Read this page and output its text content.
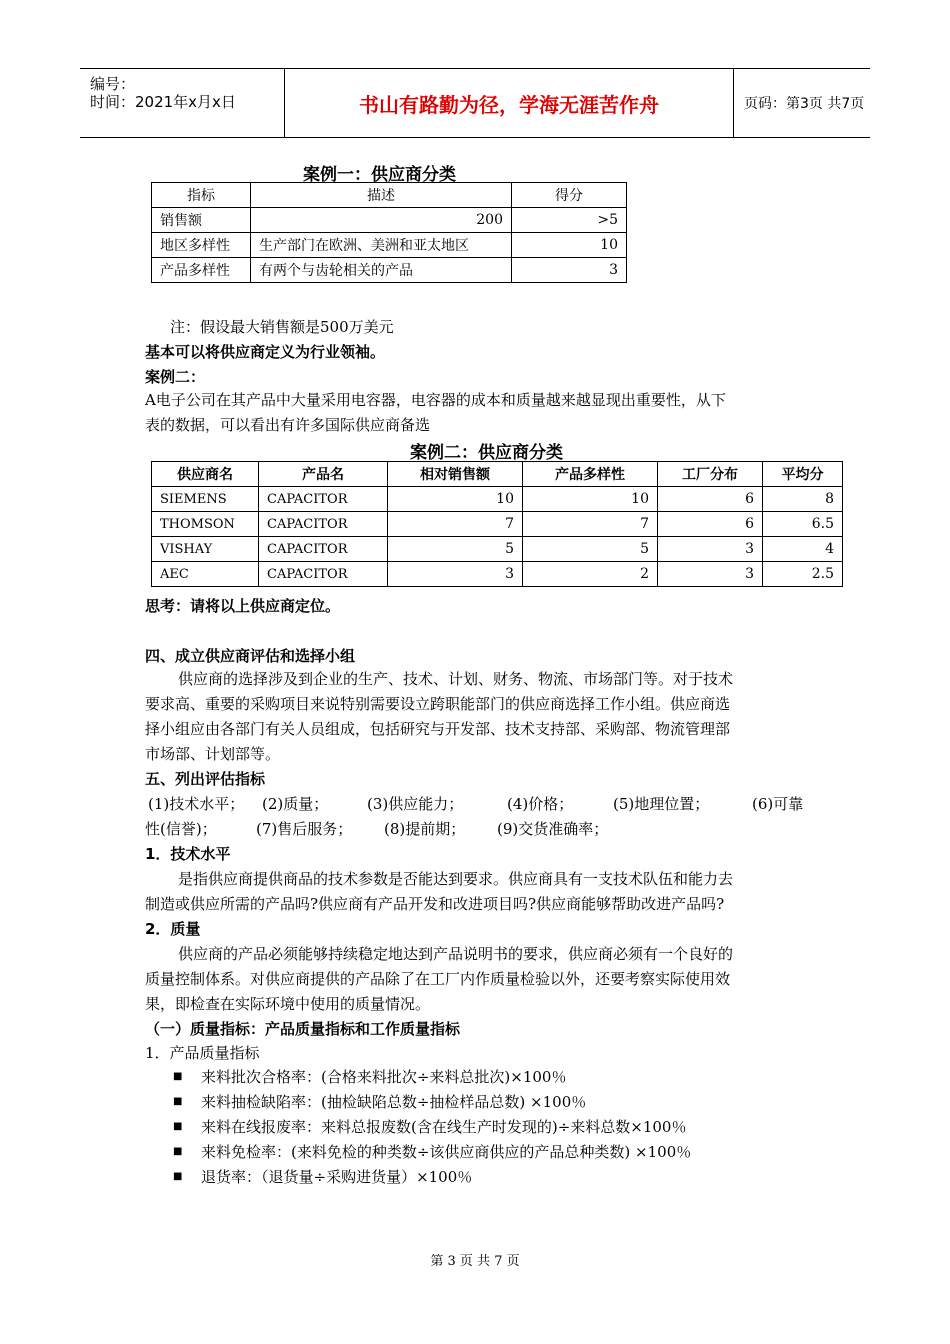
编号：
时间：2021年x月x日	书山有路勤为径，学海无涯苦作舟	页码：第3页 共7页
案例一：供应商分类
指标	描述	得分
销售额	200	>5
地区多样性	生产部门在欧洲、美洲和亚太地区	10
产品多样性	有两个与齿轮相关的产品	3
注：假设最大销售额是500万美元
基本可以将供应商定义为行业领袖。
案例二：
A电子公司在其产品中大量采用电容器，电容器的成本和质量越来越显现出重要性，从下
表的数据，可以看出有许多国际供应商备选
案例二：供应商分类
供应商名	产品名	相对销售额	产品多样性	工厂分布	平均分
SIEMENS	CAPACITOR	10	10	6	8
THOMSON	CAPACITOR	7	7	6	6.5
VISHAY	CAPACITOR	5	5	3	4
AEC	CAPACITOR	3	2	3	2.5
思考：请将以上供应商定位。
四、成立供应商评估和选择小组
供应商的选择涉及到企业的生产、技术、计划、财务、物流、市场部门等。对于技术
要求高、重要的采购项目来说特别需要设立跨职能部门的供应商选择工作小组。供应商选
择小组应由各部门有关人员组成，包括研究与开发部、技术支持部、采购部、物流管理部
市场部、计划部等。
五、列出评估指标
(1)技术水平； (2)质量；	(3)供应能力；	(4)价格；	(5)地理位置；	(6)可靠
性(信誉)；	(7)售后服务； (8)提前期； (9)交货准确率；
1．技术水平
是指供应商提供商品的技术参数是否能达到要求。供应商具有一支技术队伍和能力去
制造或供应所需的产品吗?供应商有产品开发和改进项目吗?供应商能够帮助改进产品吗?
2．质量
供应商的产品必须能够持续稳定地达到产品说明书的要求，供应商必须有一个良好的
质量控制体系。对供应商提供的产品除了在工厂内作质量检验以外，还要考察实际使用效
果，即检查在实际环境中使用的质量情况。
（一）质量指标：产品质量指标和工作质量指标
1．产品质量指标
■ 来料批次合格率：(合格来料批次÷来料总批次)×100％
■ 来料抽检缺陷率：(抽检缺陷总数÷抽检样品总数) ×100％
■ 来料在线报废率：来料总报废数(含在线生产时发现的)÷来料总数×100％
■ 来料免检率：(来料免检的种类数÷该供应商供应的产品总种类数) ×100％
■ 退货率：（退货量÷采购进货量）×100％
第 3 页 共 7 页
